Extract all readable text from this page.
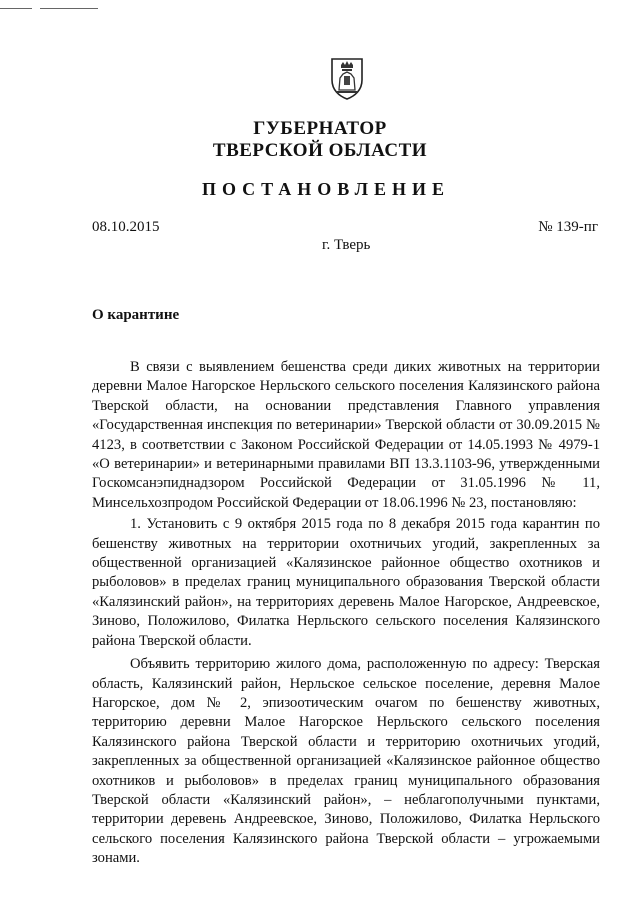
ГУБЕРНАТОР
ТВЕРСКОЙ ОБЛАСТИ
ПОСТАНОВЛЕНИЕ
08.10.2015	№ 139-пг
г. Тверь
О карантине

В связи с выявлением бешенства среди диких животных на территории деревни Малое Нагорское Нерльского сельского поселения Калязинского района Тверской области, на основании представления Главного управления «Государственная инспекция по ветеринарии» Тверской области от 30.09.2015 № 4123, в соответствии с Законом Российской Федерации от 14.05.1993 № 4979-1 «О ветеринарии» и ветеринарными правилами ВП 13.3.1103-96, утвержденными Госкомсанэпиднадзором Российской Федерации от 31.05.1996 № 11, Минсельхозпродом Российской Федерации от 18.06.1996 № 23, постановляю:

1. Установить с 9 октября 2015 года по 8 декабря 2015 года карантин по бешенству животных на территории охотничьих угодий, закрепленных за общественной организацией «Калязинское районное общество охотников и рыболовов» в пределах границ муниципального образования Тверской области «Калязинский район», на территориях деревень Малое Нагорское, Андреевское, Зиново, Положилово, Филатка Нерльского сельского поселения Калязинского района Тверской области.

Объявить территорию жилого дома, расположенную по адресу: Тверская область, Калязинский район, Нерльское сельское поселение, деревня Малое Нагорское, дом № 2, эпизоотическим очагом по бешенству животных, территорию деревни Малое Нагорское Нерльского сельского поселения Калязинского района Тверской области и территорию охотничьих угодий, закрепленных за общественной организацией «Калязинское районное общество охотников и рыболовов» в пределах границ муниципального образования Тверской области «Калязинский район», – неблагополучными пунктами, территории деревень Андреевское, Зиново, Положилово, Филатка Нерльского сельского поселения Калязинского района Тверской области – угрожаемыми зонами.
